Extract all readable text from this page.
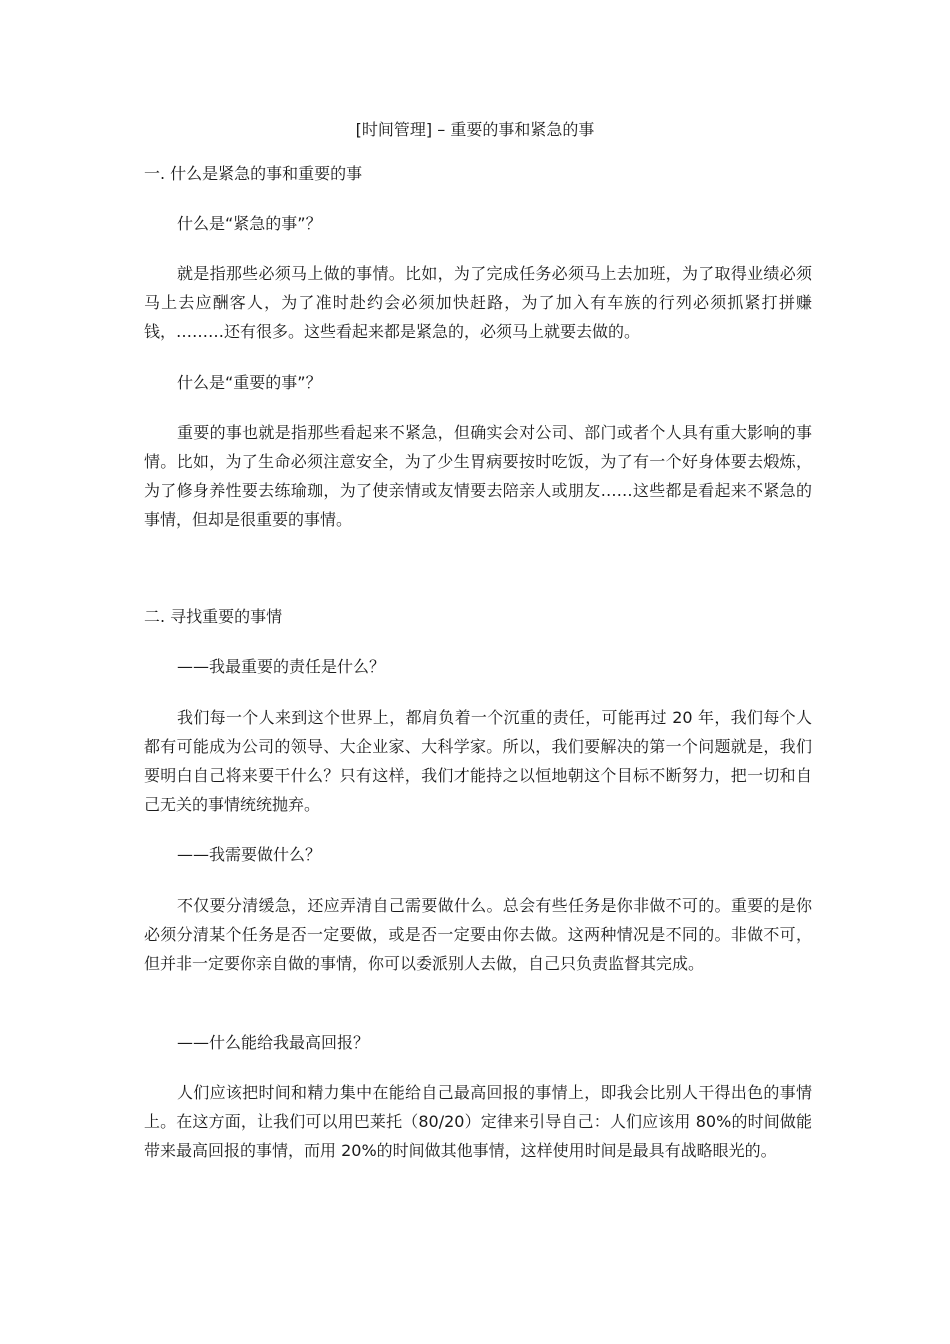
[时间管理] – 重要的事和紧急的事
一. 什么是紧急的事和重要的事
什么是“紧急的事”？

就是指那些必须马上做的事情。比如，为了完成任务必须马上去加班，为了取得业绩必须马上去应酬客人，为了准时赴约会必须加快赶路，为了加入有车族的行列必须抓紧打拼赚钱，………还有很多。这些看起来都是紧急的，必须马上就要去做的。

什么是“重要的事”？

重要的事也就是指那些看起来不紧急，但确实会对公司、部门或者个人具有重大影响的事情。比如，为了生命必须注意安全，为了少生胃病要按时吃饭，为了有一个好身体要去煅炼，为了修身养性要去练瑜珈，为了使亲情或友情要去陪亲人或朋友……这些都是看起来不紧急的事情，但却是很重要的事情。

二. 寻找重要的事情
——我最重要的责任是什么？

我们每一个人来到这个世界上，都肩负着一个沉重的责任，可能再过 20 年，我们每个人都有可能成为公司的领导、大企业家、大科学家。所以，我们要解决的第一个问题就是，我们要明白自己将来要干什么？只有这样，我们才能持之以恒地朝这个目标不断努力，把一切和自己无关的事情统统抛弃。

——我需要做什么？

不仅要分清缓急，还应弄清自己需要做什么。总会有些任务是你非做不可的。重要的是你必须分清某个任务是否一定要做，或是否一定要由你去做。这两种情况是不同的。非做不可，但并非一定要你亲自做的事情，你可以委派别人去做，自己只负责监督其完成。

——什么能给我最高回报？

人们应该把时间和精力集中在能给自己最高回报的事情上，即我会比别人干得出色的事情上。在这方面，让我们可以用巴莱托（80/20）定律来引导自己：人们应该用 80%的时间做能带来最高回报的事情，而用 20%的时间做其他事情，这样使用时间是最具有战略眼光的。
